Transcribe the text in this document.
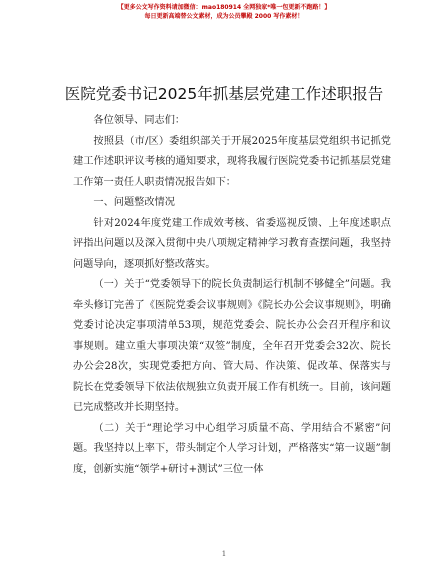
【更多公文写作资料请加微信：mao180914 全网独家*唯一包更新不跑路！】
每日更新高端替公文素材，成为公员攀殿 2000 写作素材！
医院党委书记2025年抓基层党建工作述职报告

各位领导、同志们：

按照县（市/区）委组织部关于开展2025年度基层党组织书记抓党建工作述职评议考核的通知要求，现将我履行医院党委书记抓基层党建工作第一责任人职责情况报告如下：

一、问题整改情况

针对2024年度党建工作成效考核、省委巡视反馈、上年度述职点评指出问题以及深入贯彻中央八项规定精神学习教育查摆问题，我坚持问题导向，逐项抓好整改落实。

（一）关于“党委领导下的院长负责制运行机制不够健全”问题。我牵头修订完善了《医院党委会议事规则》《院长办公会议事规则》，明确党委讨论决定事项清单53项，规范党委会、院长办公会召开程序和议事规则。建立重大事项决策“双签”制度，全年召开党委会32次、院长办公会28次，实现党委把方向、管大局、作决策、促改革、保落实与院长在党委领导下依法依规独立负责开展工作有机统一。目前，该问题已完成整改并长期坚持。

（二）关于“理论学习中心组学习质量不高、学用结合不紧密”问题。我坚持以上率下，带头制定个人学习计划，严格落实“第一议题”制度，创新实施“领学+研讨+测试”三位一体

1
